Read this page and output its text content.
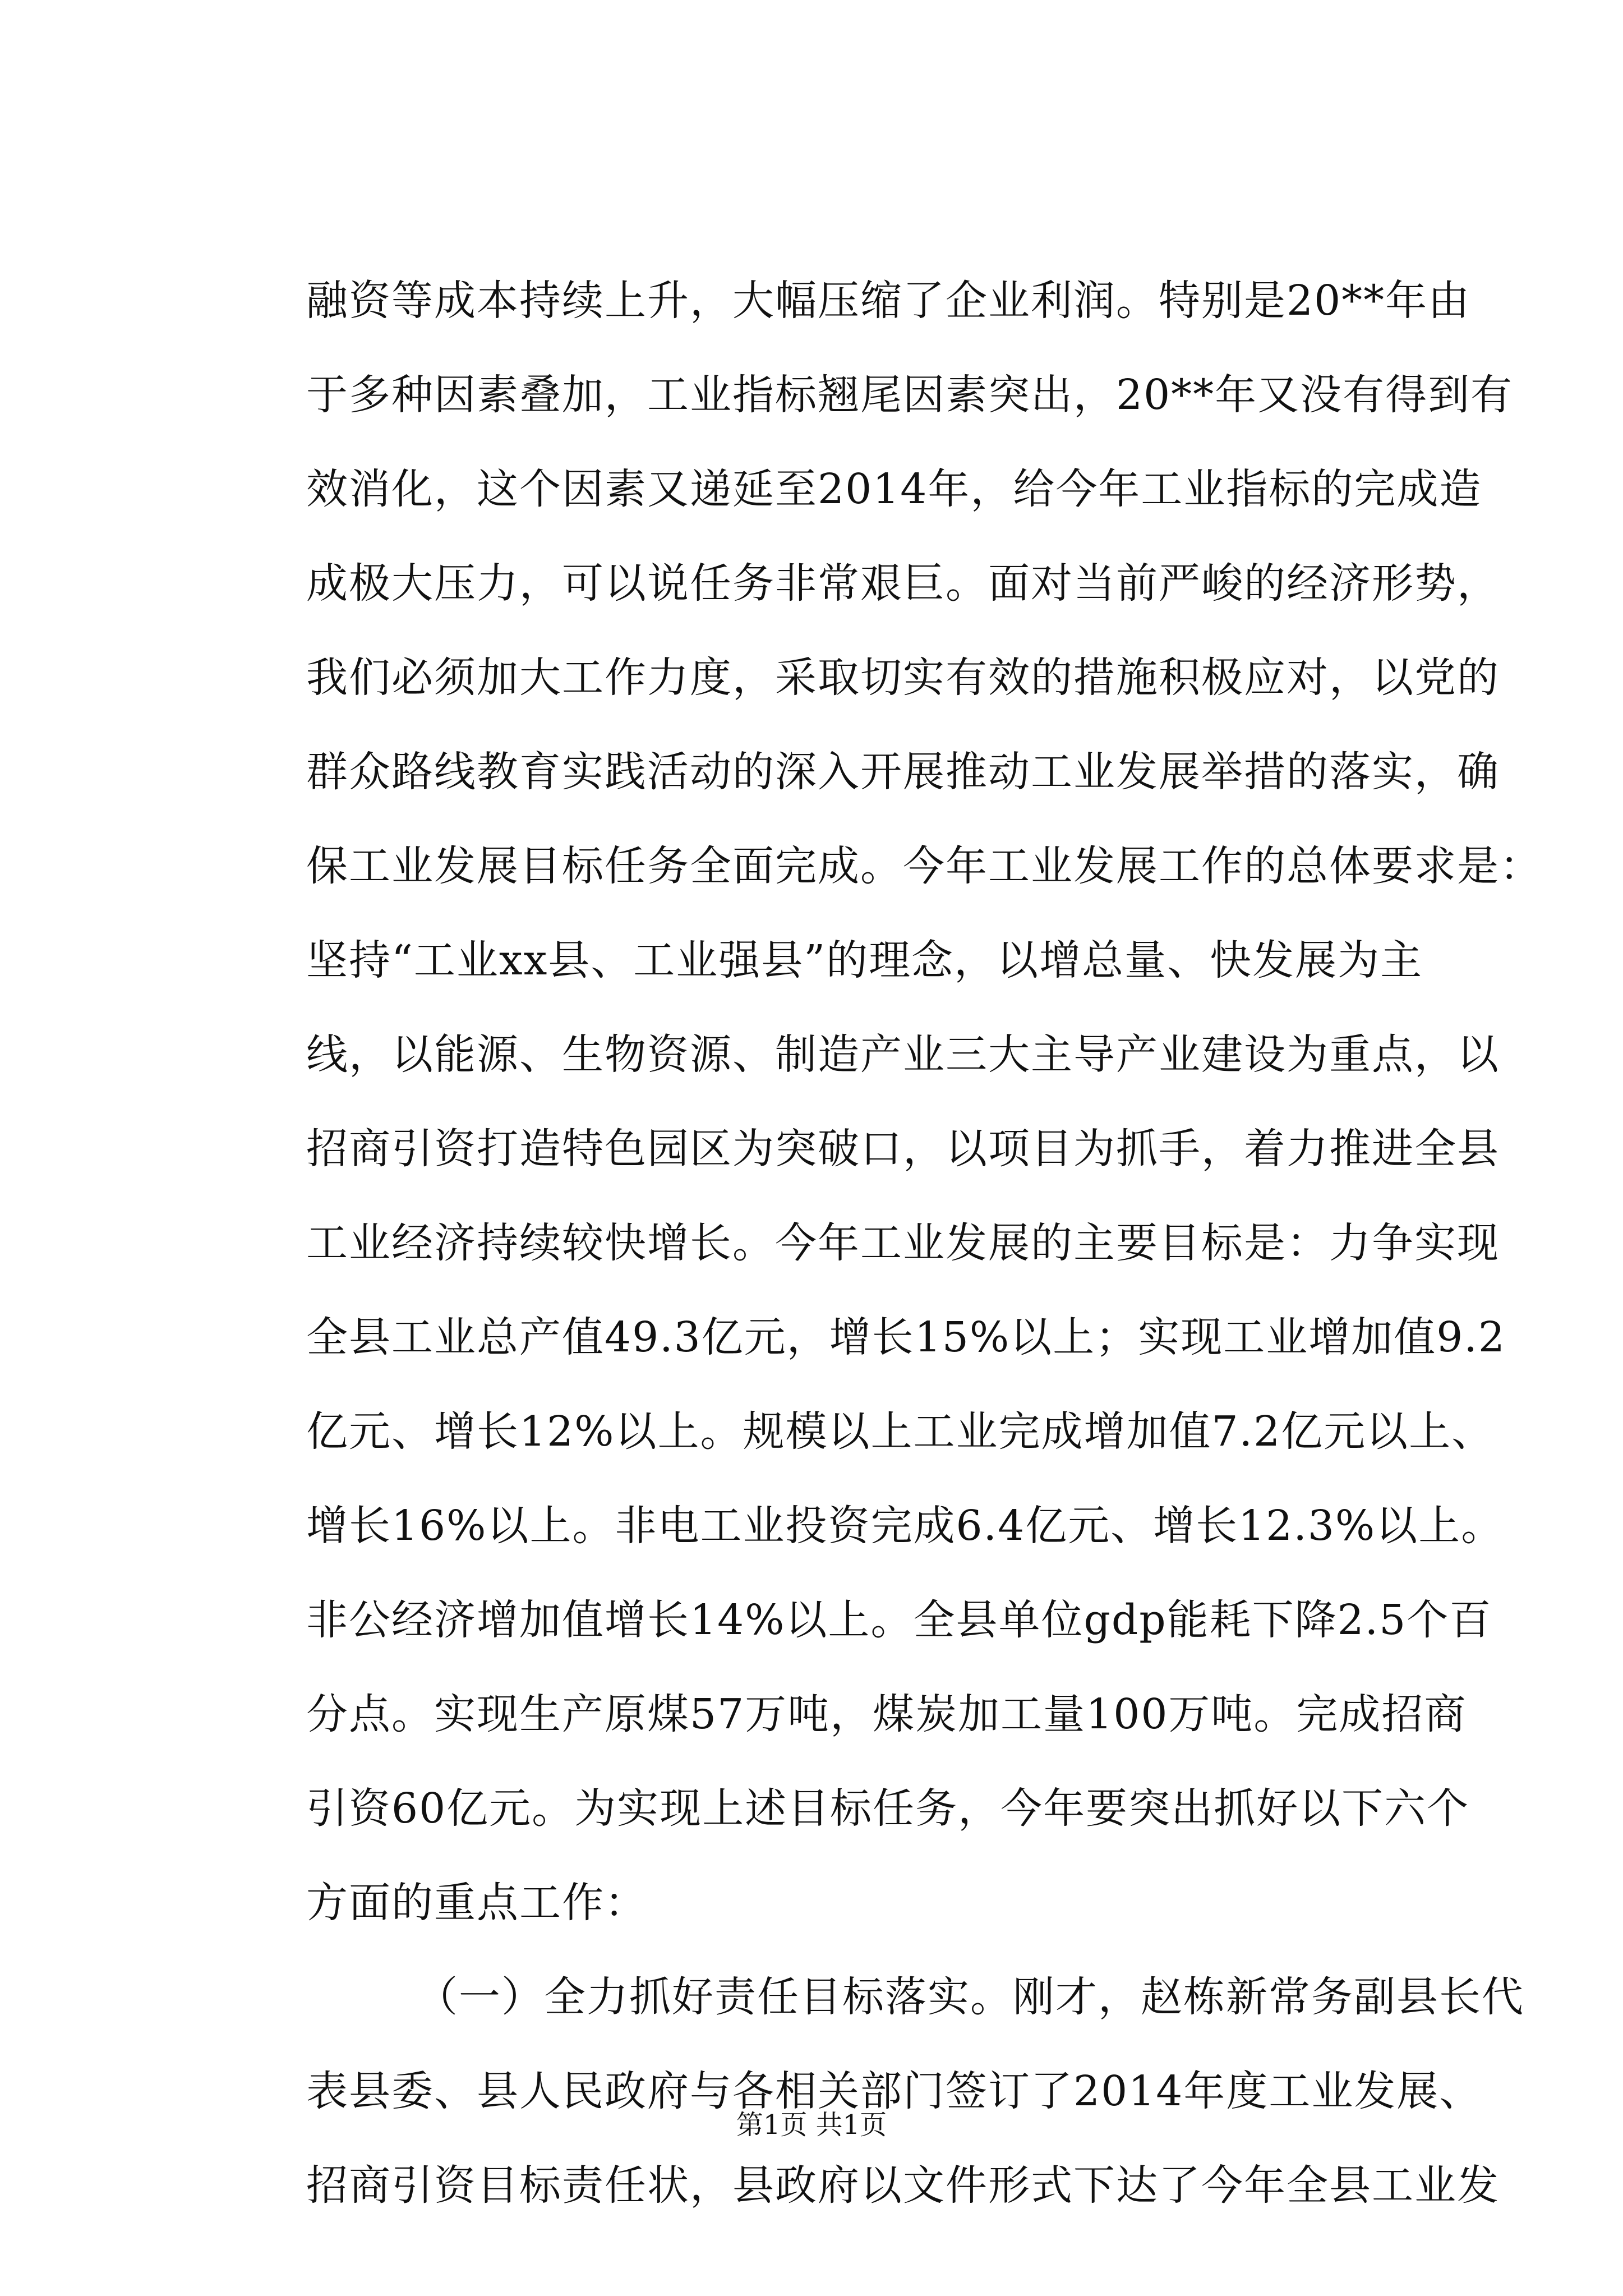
融资等成本持续上升，大幅压缩了企业利润。特别是20**年由
于多种因素叠加，工业指标翘尾因素突出，20**年又没有得到有
效消化，这个因素又递延至2014年，给今年工业指标的完成造
成极大压力，可以说任务非常艰巨。面对当前严峻的经济形势，
我们必须加大工作力度，采取切实有效的措施积极应对，以党的
群众路线教育实践活动的深入开展推动工业发展举措的落实，确
保工业发展目标任务全面完成。今年工业发展工作的总体要求是：
坚持“工业xx县、工业强县”的理念，以增总量、快发展为主
线，以能源、生物资源、制造产业三大主导产业建设为重点，以
招商引资打造特色园区为突破口，以项目为抓手，着力推进全县
工业经济持续较快增长。今年工业发展的主要目标是：力争实现
全县工业总产值49.3亿元，增长15%以上；实现工业增加值9.2
亿元、增长12%以上。规模以上工业完成增加值7.2亿元以上、
增长16%以上。非电工业投资完成6.4亿元、增长12.3%以上。
非公经济增加值增长14%以上。全县单位gdp能耗下降2.5个百
分点。实现生产原煤57万吨，煤炭加工量100万吨。完成招商
引资60亿元。为实现上述目标任务，今年要突出抓好以下六个
方面的重点工作：
（一）全力抓好责任目标落实。刚才，赵栋新常务副县长代
表县委、县人民政府与各相关部门签订了2014年度工业发展、
招商引资目标责任状，县政府以文件形式下达了今年全县工业发
第1页 共1页
